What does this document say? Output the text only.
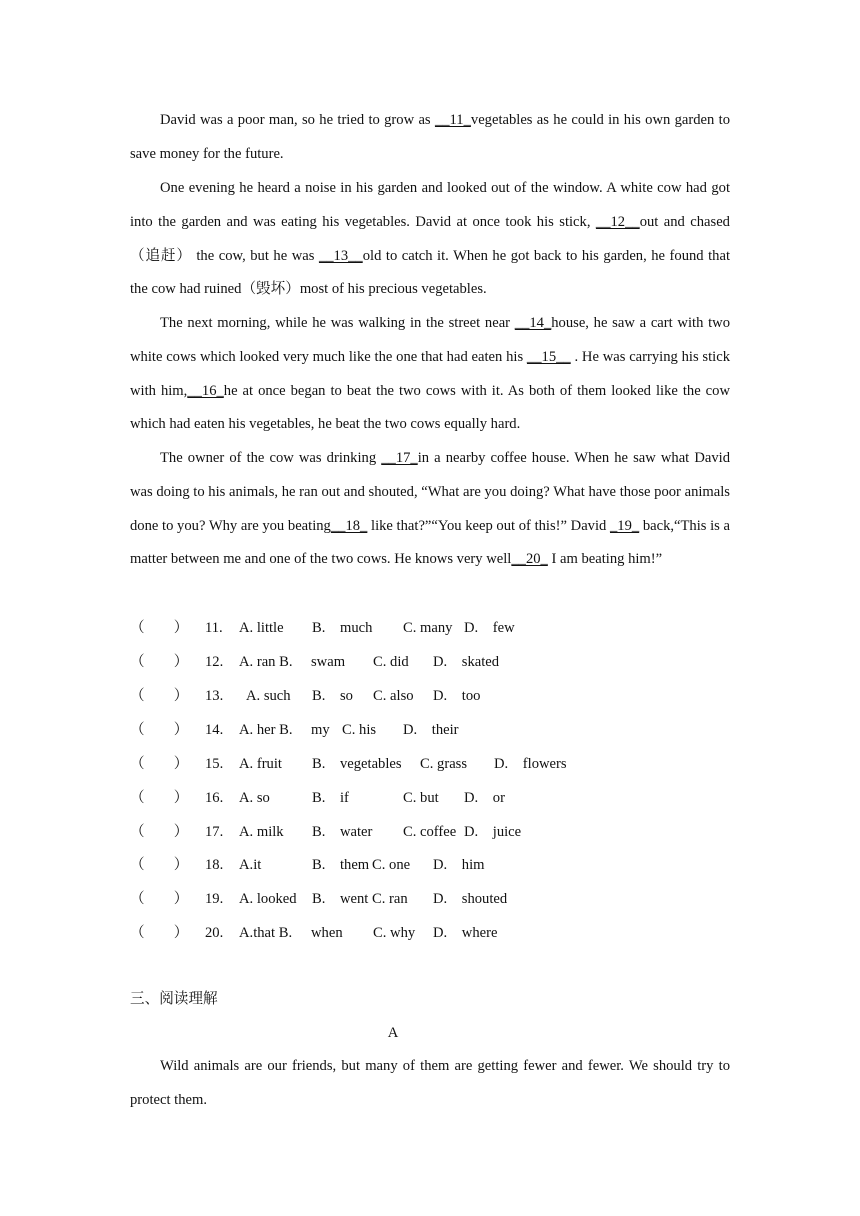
David was a poor man, so he tried to grow as __11_vegetables as he could in his own garden to save money for the future.
One evening he heard a noise in his garden and looked out of the window. A white cow had got into the garden and was eating his vegetables. David at once took his stick, __12__out and chased（追赶） the cow, but he was __13__old to catch it. When he got back to his garden, he found that the cow had ruined（毁坏）most of his precious vegetables.
The next morning, while he was walking in the street near __14_house, he saw a cart with two white cows which looked very much like the one that had eaten his __15__ . He was carrying his stick with him,__16_he at once began to beat the two cows with it. As both of them looked like the cow which had eaten his vegetables, he beat the two cows equally hard.
The owner of the cow was drinking __17_in a nearby coffee house. When he saw what David was doing to his animals, he ran out and shouted, “What are you doing? What have those poor animals done to you? Why are you beating__18_ like that?”“You keep out of this!” David _19_ back,“This is a matter between me and one of the two cows. He knows very well__20_ I am beating him!”
（        ） 11. A. little B.    much C. many D.    few
（        ） 12. A. ran B. swam C. did D.    skated
（        ） 13. A. such B.    so C. also D.    too
（        ） 14. A. her B. my C. his D.    their
（        ） 15. A. fruit B.    vegetables C. grass D.    flowers
（        ） 16. A. so	B.    if	C. but D.    or
（        ） 17. A. milk B.    water C. coffee D.    juice
（        ） 18. A.it	B.    them C. one D.    him
（        ） 19. A. looked B.    went C. ran D.    shouted
（        ） 20. A.that B. when C. why D.    where
三、阅读理解
A
Wild animals are our friends, but many of them are getting fewer and fewer. We should try to protect them.
